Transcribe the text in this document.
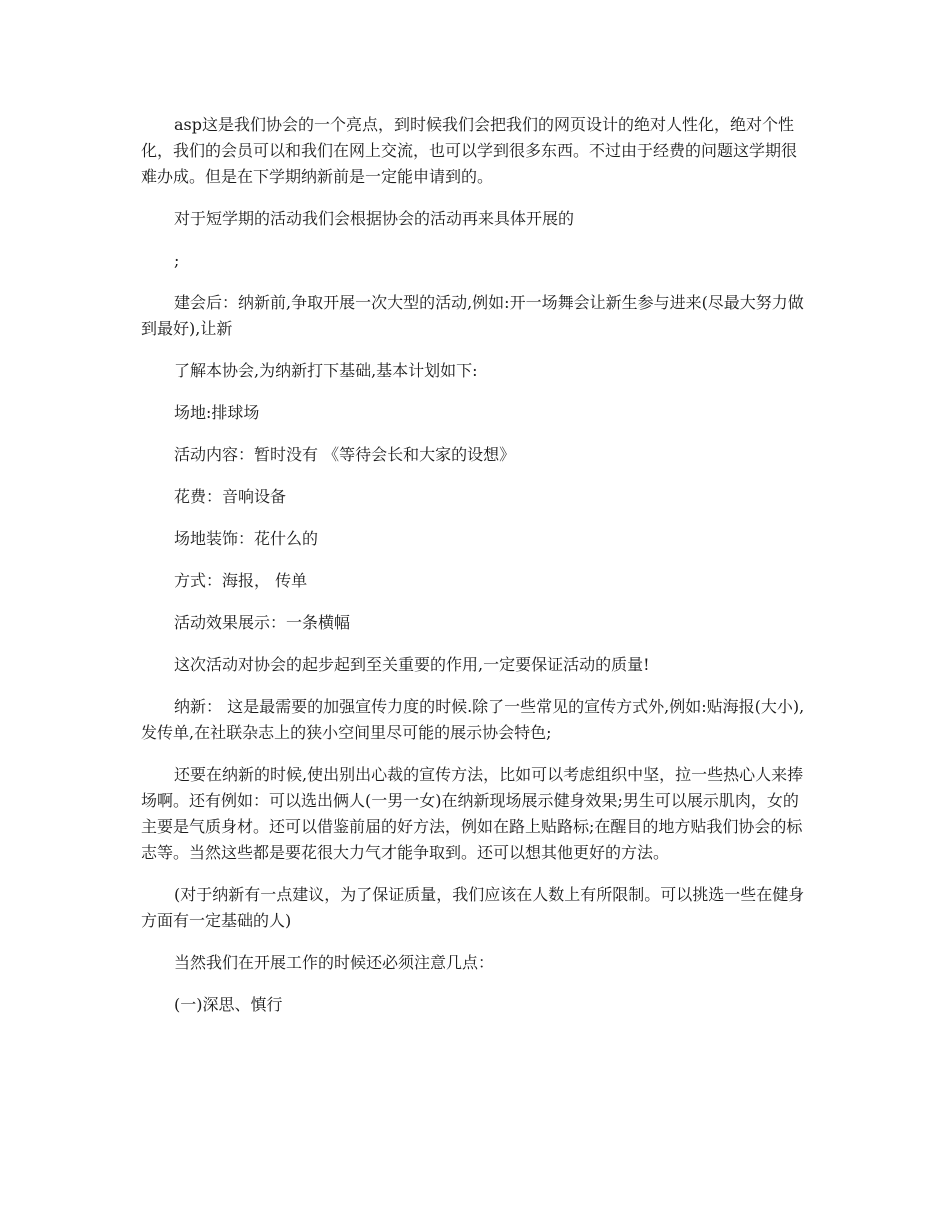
asp这是我们协会的一个亮点，到时候我们会把我们的网页设计的绝对人性化，绝对个性化，我们的会员可以和我们在网上交流，也可以学到很多东西。不过由于经费的问题这学期很难办成。但是在下学期纳新前是一定能申请到的。

对于短学期的活动我们会根据协会的活动再来具体开展的

;

建会后：纳新前,争取开展一次大型的活动,例如:开一场舞会让新生参与进来(尽最大努力做到最好),让新

了解本协会,为纳新打下基础,基本计划如下:

场地:排球场

活动内容：暂时没有 《等待会长和大家的设想》

花费：音响设备

场地装饰：花什么的

方式：海报， 传单

活动效果展示：一条横幅

这次活动对协会的起步起到至关重要的作用,一定要保证活动的质量!

纳新： 这是最需要的加强宣传力度的时候.除了一些常见的宣传方式外,例如:贴海报(大小),发传单,在社联杂志上的狭小空间里尽可能的展示协会特色;

还要在纳新的时候,使出别出心裁的宣传方法，比如可以考虑组织中坚，拉一些热心人来捧场啊。还有例如：可以选出俩人(一男一女)在纳新现场展示健身效果;男生可以展示肌肉，女的主要是气质身材。还可以借鉴前届的好方法，例如在路上贴路标;在醒目的地方贴我们协会的标志等。当然这些都是要花很大力气才能争取到。还可以想其他更好的方法。

(对于纳新有一点建议，为了保证质量，我们应该在人数上有所限制。可以挑选一些在健身方面有一定基础的人)

当然我们在开展工作的时候还必须注意几点：

(一)深思、慎行
